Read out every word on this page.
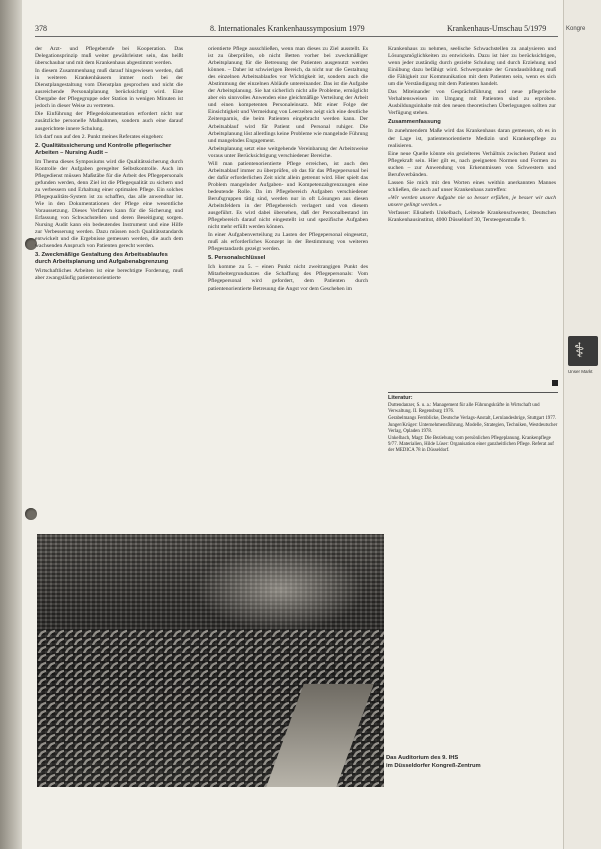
Kongre
⚕
Unser Markt
378	8. Internationales Krankenhaussymposium 1979	Krankenhaus-Umschau 5/1979

der Arzt- und Pflegeberufe bei Kooperation. Das Delegationsprinzip muß weiter gewährleistet sein, das heißt überschaubar und mit dem Krankenhaus abgestimmt werden.

In diesem Zusammenhang muß darauf hingewiesen werden, daß in weiteren Krankenhäusern immer noch bei der Dienstplangestaltung vom Dienstplan gesprochen und nicht die ausreichende Personalplanung berücksichtigt wird. Eine Übergabe der Pflegegruppe oder Station in wenigen Minuten ist jedoch in dieser Weise zu vertreten.

Die Einführung der Pflegedokumentation erfordert nicht nur zusätzliche personelle Maßnahmen, sondern auch eine darauf ausgerichtete innere Schulung.

Ich darf nun auf den 2. Punkt meines Referates eingehen:

2. Qualitätssicherung und Kontrolle pflegerischer Arbeiten – Nursing Audit –

Im Thema dieses Symposiums wird die Qualitätssicherung durch Kontrolle der Aufgaben geregelter Selbstkontrolle. Auch im Pflegedienst müssen Maßstäbe für die Arbeit des Pflegepersonals gefunden werden, denn Ziel ist die Pflegequalität zu sichern und zu verbessern und Erhaltung einer optimalen Pflege. Ein solches Pflegequalitäts-System ist zu schaffen, das alle anwendbar ist. Wie in den Dokumentationen der Pflege eine wesentliche Voraussetzung. Dieses Verfahren kann für die Sicherung und Erfassung von Schwachstellen und deren Beseitigung sorgen. Nursing Audit kann ein bedeutendes Instrument und eine Hilfe zur Verbesserung werden. Dazu müssen noch Qualitätsstandards entwickelt und die Ergebnisse gemessen werden, die auch dem wachsenden Anspruch von Patienten gerecht werden.

3. Zweckmäßige Gestaltung des Arbeitsablaufes durch Arbeitsplanung und Aufgabenabgrenzung

Wirtschaftliches Arbeiten ist eine berechtigte Forderung, muß aber zwangsläufig patientenorientierte

orientierte Pflege ausschließen, wenn man dieses zu Ziel ausstellt. Es ist zu überprüfen, ob nicht Betten vorher bei zweckmäßiger Arbeitsplanung für die Betreuung der Patienten ausgenutzt werden können. – Daher ist schwierigen Bereich, da nicht nur die Gestaltung des einzelnen Arbeitsablaufes vor Wichtigkeit ist, sondern auch die Abstimmung der einzelnen Abläufe untereinander. Das ist die Aufgabe der Arbeitsplanung. Sie hat sicherlich nicht alle Probleme, ermöglicht aber ein sinnvolles Anwenden eine gleichmäßige Verteilung der Arbeit und einen kompetenten Personaleinsatz. Mit einer Folge der Einsichtigkeit und Vermeidung von Leerzeiten zeigt sich eine deutliche Zeitersparnis, die beim Patienten eingebracht werden kann. Der Arbeitsablauf wird für Patient und Personal ruhiger. Die Arbeitsplanung löst allerdings keine Probleme wie mangelnde Führung und mangelndes Engagement.

Arbeitsplanung setzt eine weitgehende Vereinbarung der Arbeitsweise voraus unter Berücksichtigung verschiedener Bereiche.

Will man patientenorientierte Pflege erreichen, ist auch den Arbeitsablauf immer zu überprüfen, ob das für das Pflegepersonal bei der dafür erforderlichen Zeit nicht allein getrennt wird. Hier spielt das Problem mangelnder Aufgaben- und Kompetenzabgrenzungen eine bedeutende Rolle. Da im Pflegebereich Aufgaben verschiedener Berufsgruppen tätig sind, werden nur in oft Lösungen aus diesen Arbeitsfeldern in der Pflegebereich verlagert und von diesem ausgeführt. Es wird dabei übersehen, daß der Personalbestand im Pflegebereich darauf nicht eingestellt ist und spezifische Aufgaben nicht mehr erfüllt werden können.

In einer Aufgabenverteilung zu Lasten der Pflegepersonal eingesetzt, muß als erforderliches Konzept in der Bestimmung von weiteren Pflegestandards gezeigt werden.

5. Personalschlüssel

Ich komme zu 5. – einen Punkt nicht zweitrangigen Punkt des Mitarbeitergrundsatzes die Schaffung des Pflegepersonals: Vom Pflegepersonal wird gefordert, dem Patienten durch patientenorientierte Betreuung die Angst vor dem Geschehen im

Krankenhaus zu nehmen, seelische Schwachstellen zu analysieren und Lösungsmöglichkeiten zu entwickeln. Dazu ist hier zu berücksichtigen, wenn jeder zuständig durch gezielte Schulung und durch Erziehung und Einübung dazu befähigt wird. Schwerpunkte der Grundausbildung muß die Fähigkeit zur Kommunikation mit dem Patienten sein, wenn es sich um die Verständigung mit dem Patienten handelt.

Das Miteinander von Gesprächsführung und neue pflegerische Verhaltensweisen im Umgang mit Patienten sind zu erproben. Ausbildungsinhalte mit den neuen theoretischen Überlegungen sollten zur Verfügung stehen.

Zusammenfassung

In zunehmendem Maße wird das Krankenhaus daran gemessen, ob es in der Lage ist, patientenorientierte Medizin und Krankenpflege zu realisieren.

Eine neue Quelle könnte ein gezielteres Verhältnis zwischen Patient und Pflegekraft sein. Hier gilt es, nach geeigneten Normen und Formen zu suchen – zur Anwendung von Erkenntnissen von Schwestern und Berufsverbänden.

Lassen Sie mich mit den Worten eines weithin anerkannten Mannes schließen, die auch auf unser Krankenhaus zutreffen:

»Wir werden unsere Aufgabe nie so besser erfüllen, je besser wir auch unsere gelingt werden.«

Verfasser: Elisabeth Unkelbach, Leitende Krankenschwester, Deutschen Krankenhausinstitut, 4000 Düsseldorf 30, Tersteegenstraße 9.

Literatur:

Duttendanzer, S. u. a.: Management für alle Führungskräfte in Wirtschaft und Verwaltung. II. Regensburg 1976.

Gerabelmangs Fernblicke, Deutsche Verlags-Anstalt, Lernlandesbrige, Stuttgart 1977.

Junger/Krüger: Unternehmensführung. Modelle, Strategien, Techniken, Westdeutscher Verlag, Opladen 1978.

Unkelbach, Magt: Die Beziehung vom persönlichen Pflegeplanung. Krankenpflege 9/77. Materialien, Hilde Lüser: Organisation einer ganzheitlichen Pflege. Referat auf der MEDICA 78 in Düsseldorf.

Das Auditorium des 9. IHS
im Düsseldorfer Kongreß-Zentrum
